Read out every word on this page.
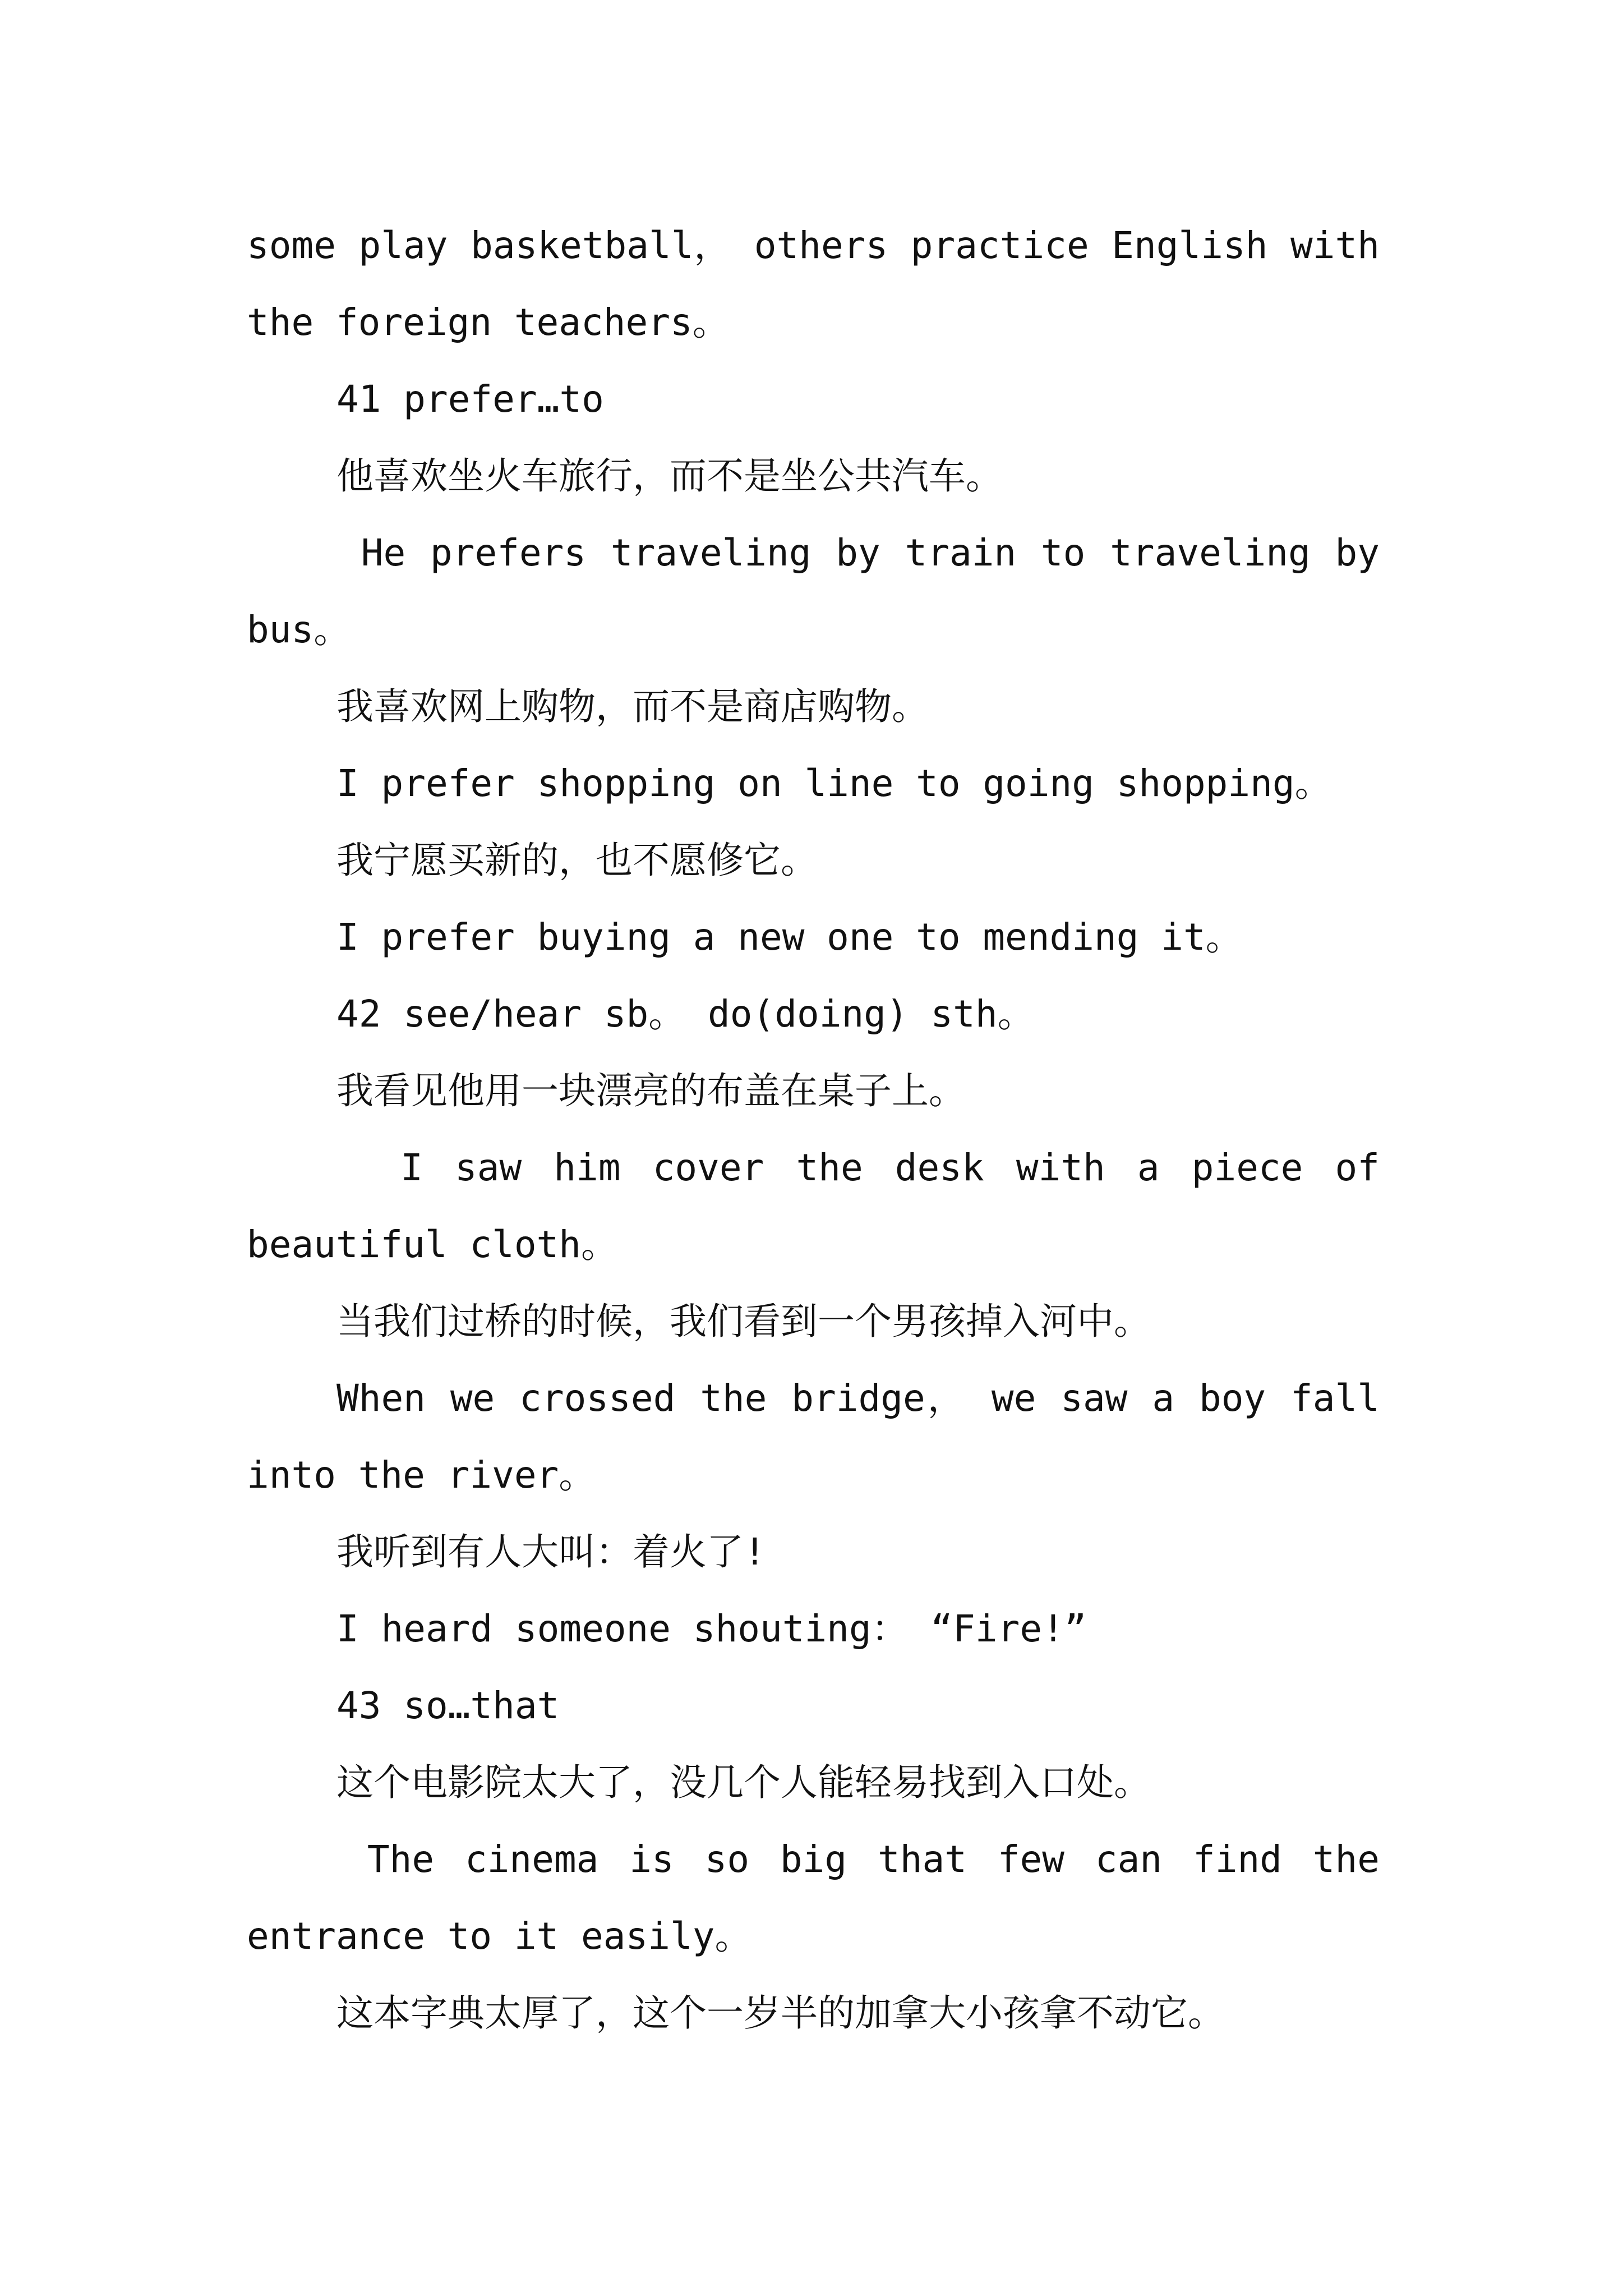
some play basketball， others practice English with
the foreign teachers。
41 prefer…to
他喜欢坐火车旅行，而不是坐公共汽车。
He prefers traveling by train to traveling by
bus。
我喜欢网上购物，而不是商店购物。
I prefer shopping on line to going shopping。
我宁愿买新的，也不愿修它。
I prefer buying a new one to mending it。
42 see/hear sb。 do(doing) sth。
我看见他用一块漂亮的布盖在桌子上。
I saw him cover the desk with a piece of
beautiful cloth。
当我们过桥的时候，我们看到一个男孩掉入河中。
When we crossed the bridge， we saw a boy fall
into the river。
我听到有人大叫：着火了!
I heard someone shouting： “Fire!”
43 so…that
这个电影院太大了，没几个人能轻易找到入口处。
The cinema is so big that few can find the
entrance to it easily。
这本字典太厚了，这个一岁半的加拿大小孩拿不动它。
